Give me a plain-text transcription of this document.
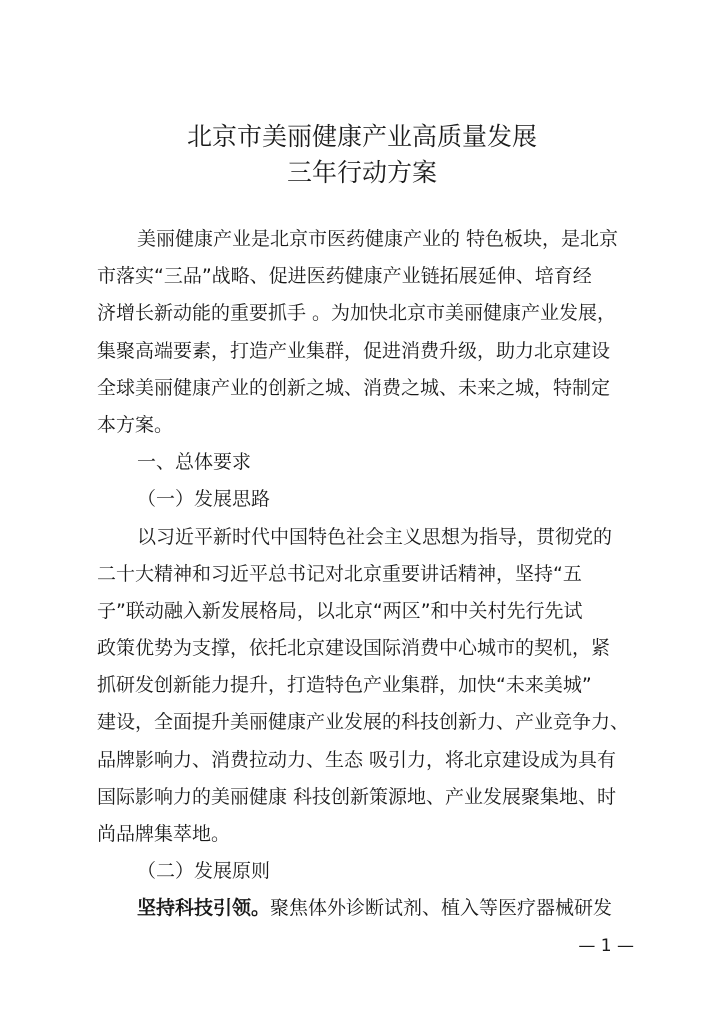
北京市美丽健康产业高质量发展
三年行动方案
美丽健康产业是北京市医药健康产业的 特色板块，是北京
市落实“三品”战略、促进医药健康产业链拓展延伸、培育经
济增长新动能的重要抓手 。为加快北京市美丽健康产业发展，
集聚高端要素，打造产业集群，促进消费升级，助力北京建设
全球美丽健康产业的创新之城、消费之城、未来之城，特制定
本方案。
一、总体要求
（一）发展思路
以习近平新时代中国特色社会主义思想为指导，贯彻党的
二十大精神和习近平总书记对北京重要讲话精神，坚持“五
子”联动融入新发展格局，以北京“两区”和中关村先行先试
政策优势为支撑，依托北京建设国际消费中心城市的契机，紧
抓研发创新能力提升，打造特色产业集群，加快“未来美城”
建设，全面提升美丽健康产业发展的科技创新力、产业竞争力、
品牌影响力、消费拉动力、生态 吸引力，将北京建设成为具有
国际影响力的美丽健康 科技创新策源地、产业发展聚集地、时
尚品牌集萃地。
（二）发展原则
坚持科技引领。聚焦体外诊断试剂、植入等医疗器械研发
— 1 —
